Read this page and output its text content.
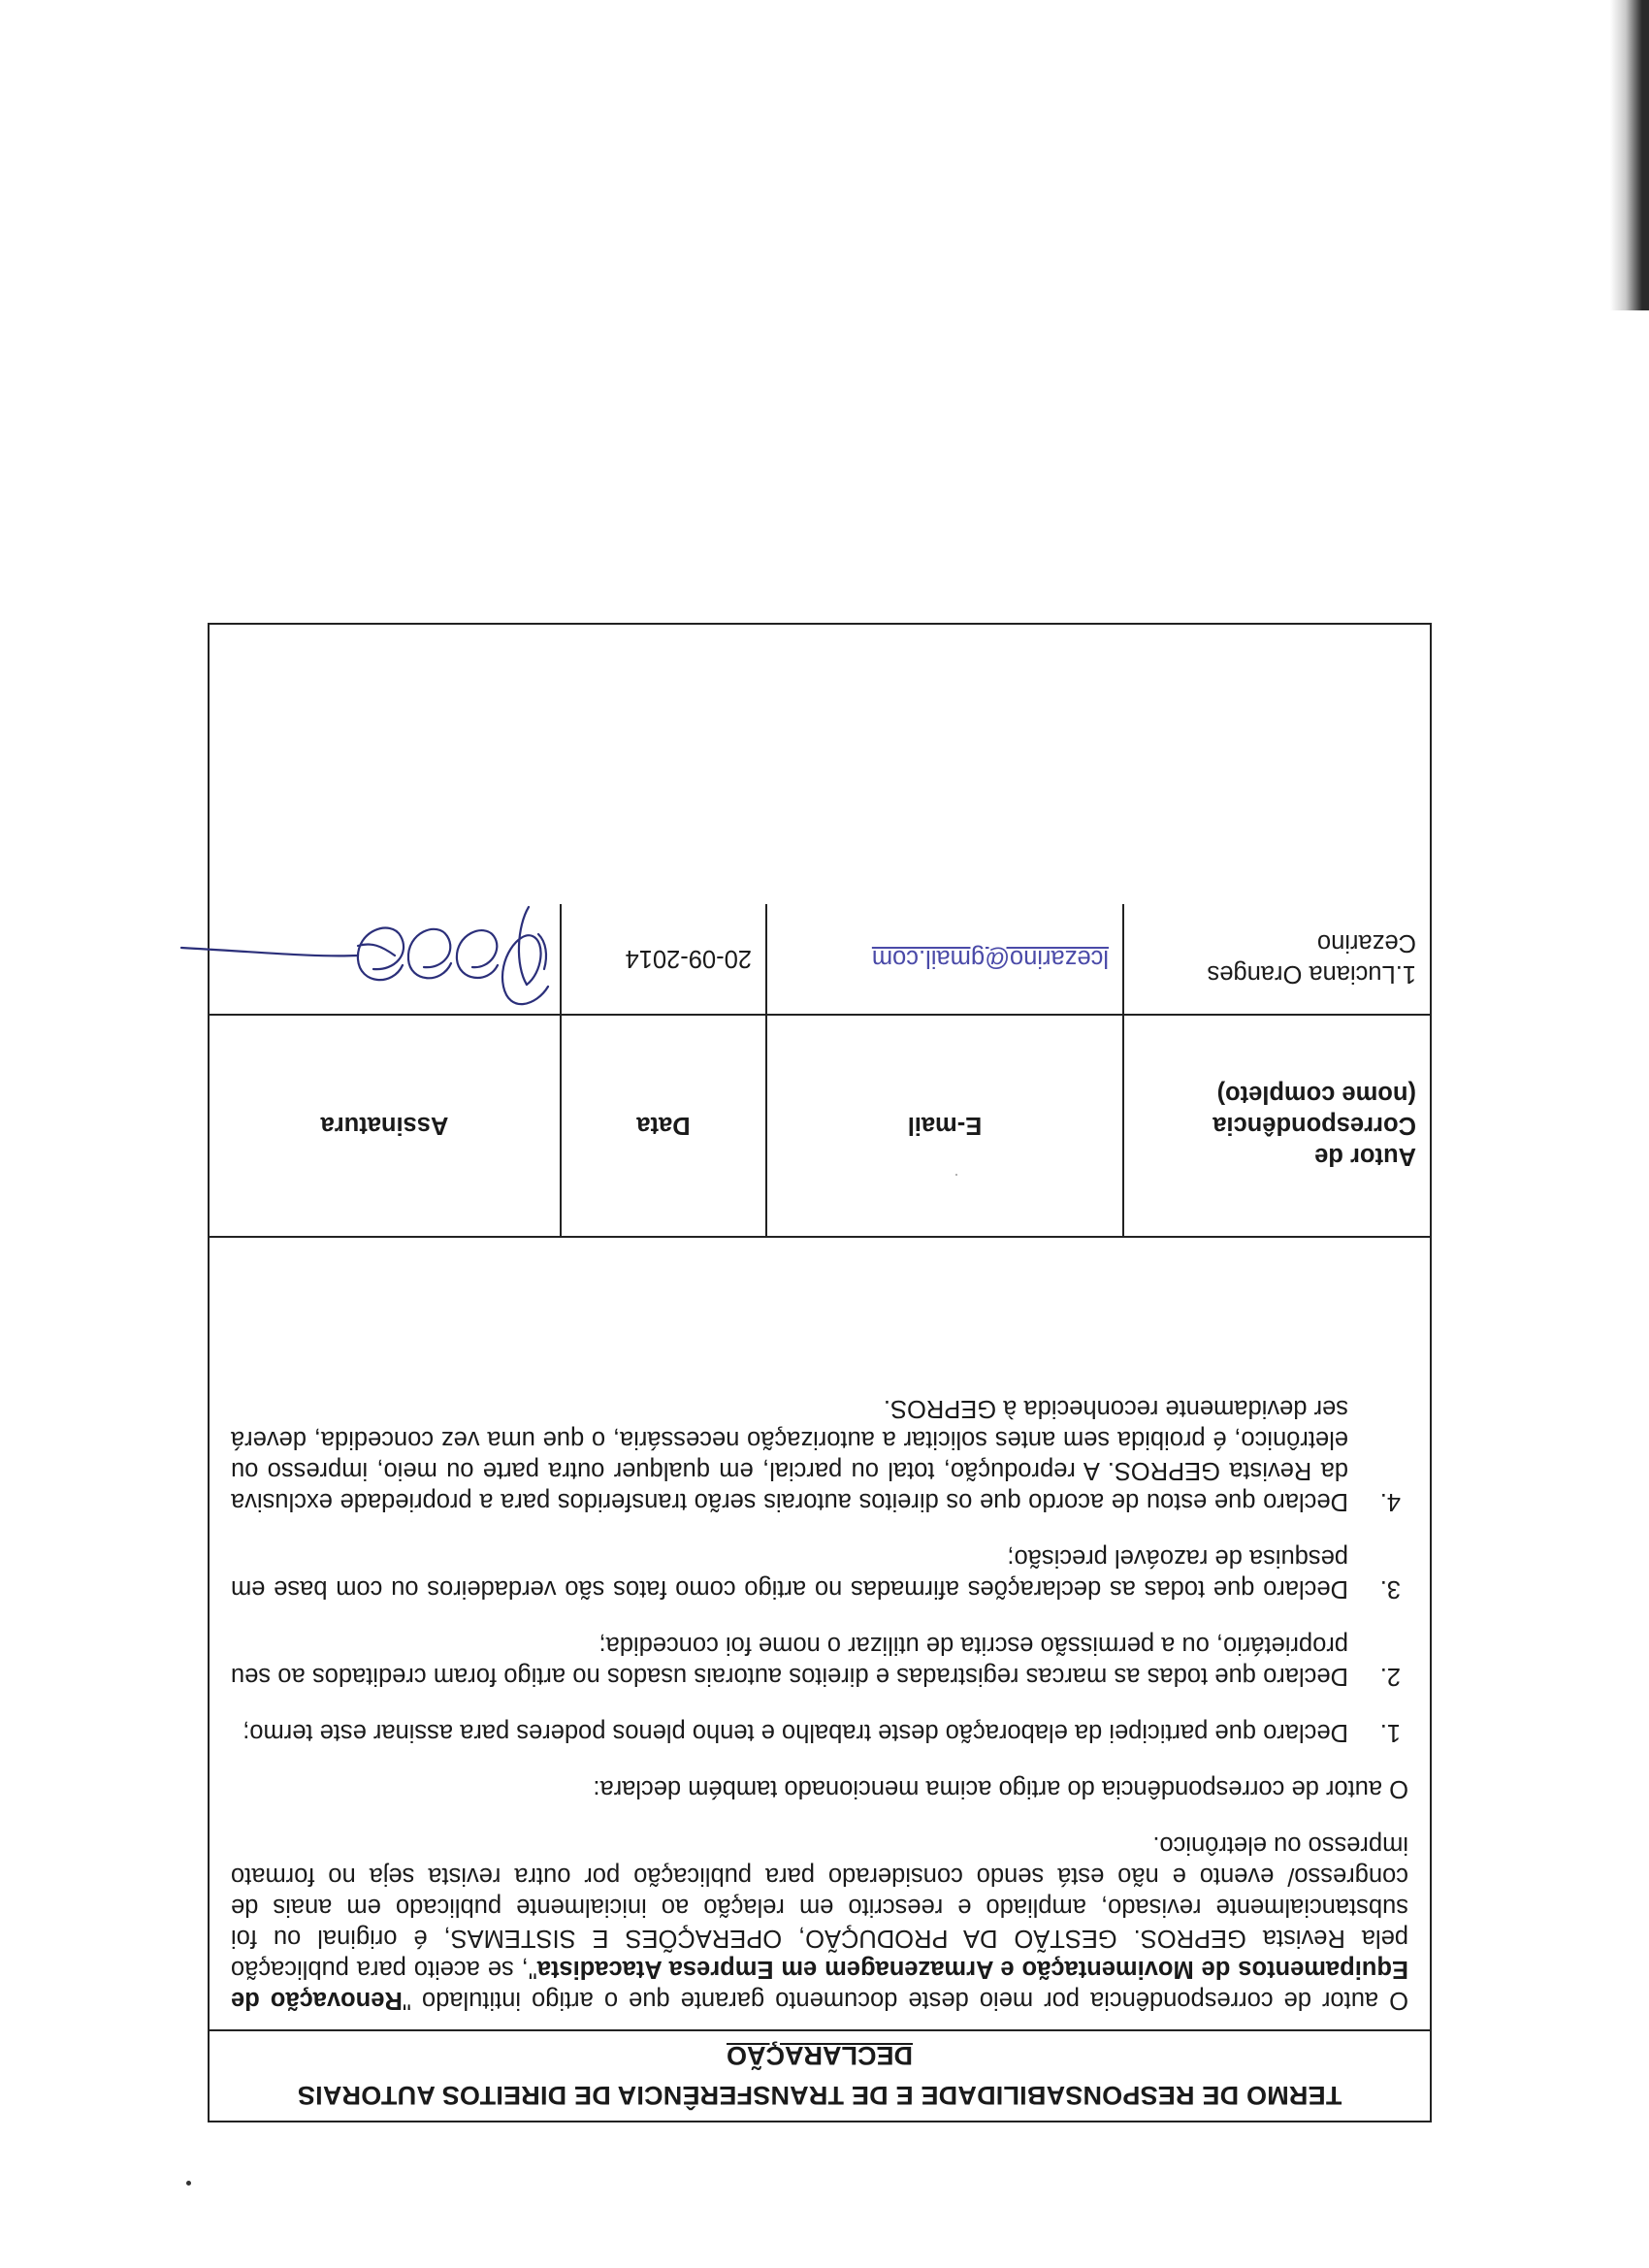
TERMO DE RESPONSABILIDADE E DE TRANSFERÊNCIA DE DIREITOS AUTORAIS
DECLARAÇÃO

O autor de correspondência por meio deste documento garante que o artigo intitulado "Renovação de Equipamentos de Movimentação e Armazenagem em Empresa Atacadista", se aceito para publicação pela Revista GEPROS. GESTÃO DA PRODUÇÃO, OPERAÇÕES E SISTEMAS, é original ou foi substancialmente revisado, ampliado e reescrito em relação ao inicialmente publicado em anais de congresso/ evento e não está sendo considerado para publicação por outra revista seja no formato impresso ou eletrônico.

O autor de correspondência do artigo acima mencionado também declara:

1.
Declaro que participei da elaboração deste trabalho e tenho plenos poderes para assinar este termo;
2.
Declaro que todas as marcas registradas e direitos autorais usados no artigo foram creditados ao seu proprietário, ou a permissão escrita de utilizar o nome foi concedida;
3.
Declaro que todas as declarações afirmadas no artigo como fatos são verdadeiros ou com base em pesquisa de razoável precisão;
4.
Declaro que estou de acordo que os direitos autorais serão transferidos para a propriedade exclusiva da Revista GEPROS. A reprodução, total ou parcial, em qualquer outra parte ou meio, impresso ou eletrônico, é proibida sem antes solicitar a autorização necessária, o que uma vez concedida, deverá ser devidamente reconhecida à GEPROS.
Autor de Correspondência (nome completo)	E-mail	Data	Assinatura
1.Luciana Oranges Cezarino	lcezarino@gmail.com	20-09-2014	
